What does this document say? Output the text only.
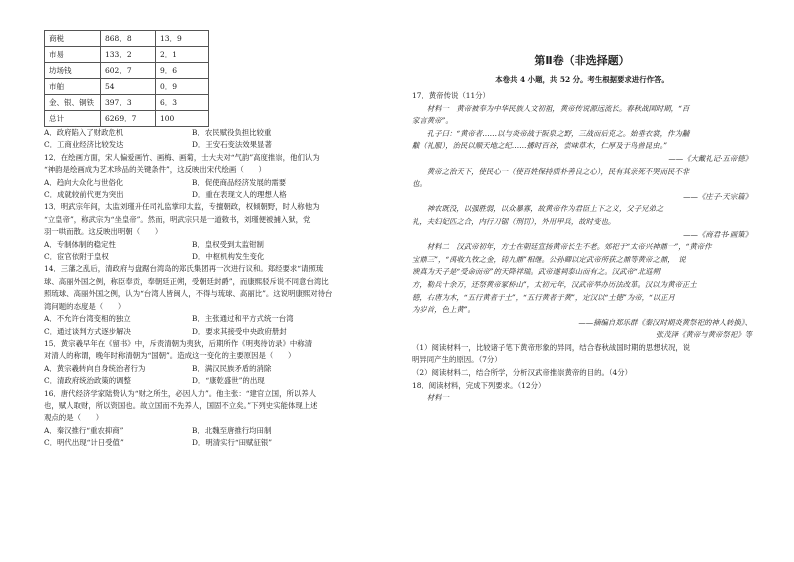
商税	868．8	13．9
市易	133．2	2．1
坊场钱	602．7	9．6
市舶	54	0．9
金、银、铜铁	397．3	6．3
总计	6269．7	100
A．政府陷入了财政危机	B．农民赋役负担比较重
C．工商业经济比较发达	D．王安石变法效果显著
12．在绘画方面，宋人偏爱画竹、画梅、画菊，士大夫对“气韵”高度推崇，他们认为
“神韵是绘画成为艺术珍品的关键条件”，这反映出宋代绘画（　　）
A．趋向大众化与世俗化	B．促使商品经济发展的需要
C．成就较前代更为突出	D．重在表现文人的理想人格
13．明武宗年间，太监刘瑾升任司礼监掌印太监，专擅朝政，权倾朝野，时人称他为
“立皇帝”，称武宗为“坐皇帝”。然而，明武宗只是一道敕书，刘瑾便被捕入狱，党
羽一哄而散。这反映出明朝（　　）
A．专制体制的稳定性	B．皇权受到太监钳制
C．宦官依附于皇权	D．中枢机构发生变化
14．三藩之乱后，清政府与盘踞台湾岛的郑氏集团再一次进行议和。郑经要求“请照琉
球、高丽外国之例，称臣奉贡，奉朝廷正朔，受朝廷封爵”，而康熙驳斥说不同意台湾比
照琉球、高丽外国之例，认为“台湾人皆闽人，不得与琉球、高丽比”。这说明康熙对待台
湾问题的态度是（　　）
A．不允许台湾变相的独立	B．主张通过和平方式统一台湾
C．通过谈判方式逐步解决	D．要求其接受中央政府册封
15．黄宗羲早年在《留书》中，斥责清朝为夷狄，后期所作《明夷待访录》中称清
对清人的称谓，晚年时称清朝为“国朝”。造成这一变化的主要原因是（　　）
A．黄宗羲转向自身统治者行为	B．满汉民族矛盾的消除
C．清政府统治政策的调整	D．“康乾盛世”的出现
16．唐代经济学家陆贽认为“财之所生，必因人力”。他主张：“建官立国，所以养人
也，赋人取财，所以资国也。故立国而不先养人，国固不立矣。”下列史实能体现上述
观点的是（　　）
A．秦汉推行“重农抑商”	B．北魏至唐推行均田制
C．明代出现“计日受值”	D．明清实行“田赋征银”
第Ⅱ卷（非选择题）
本卷共 4 小题，共 52 分。考生根据要求进行作答。
17．黄帝传说（11分）
　　材料一　黄帝被奉为中华民族人文初祖，黄帝传说源远流长。春秋战国时期，“百
家言黄帝”。
　　孔子曰：“黄帝者……以与炎帝战于阪泉之野，三战而后克之。始垂衣裳，作为黼
黻（礼服），治民以顺天地之纪……播时百谷，尝味草木，仁厚及于鸟兽昆虫。”
——《大戴礼记·五帝德》
　　黄帝之治天下，使民心一（使百姓保持质朴善良之心），民有其亲死不哭而民不非
也。
——《庄子·天宗篇》
　　神农既没，以强胜弱，以众暴寡，故黄帝作为君臣上下之义，父子兄弟之
礼，夫妇妃匹之合，内行刀锯（刑罚），外用甲兵，故时变也。
——《商君书·画策》
　　材料二　汉武帝初年，方士在朝廷宣扬黄帝长生不老。郊祀于“太帝兴神鼎一”，“黄帝作
宝鼎三”，“禹收九牧之金，铸九鼎”相继。公孙卿以定武帝所获之鼎等黄帝之鼎，　说
谀真为天子是“受命而帝”的天降祥瑞。武帝遂祠泰山而有之。汉武帝“北巡朔
方，勒兵十余万，还祭黄帝冢桥山”，太初元年，汉武帝举办历法改革。汉以为黄帝正土
德，右唐为木，“五行黄者于土”，“五行黄者于黄”，定汉以“土德”为帝，“以正月
为岁首，色上黄”。
——摘编自郑乐群《秦汉时期炎黄祭祀的神人转换》、
张茂泽《黄帝与黄帝祭祀》等
（1）阅读材料一，比较诸子笔下黄帝形象的异同，结合春秋战国时期的思想状况，说
明异同产生的原因。（7分）
（2）阅读材料二，结合所学，分析汉武帝推崇黄帝的目的。（4分）
18．阅读材料，完成下列要求。（12分）
　　材料一
